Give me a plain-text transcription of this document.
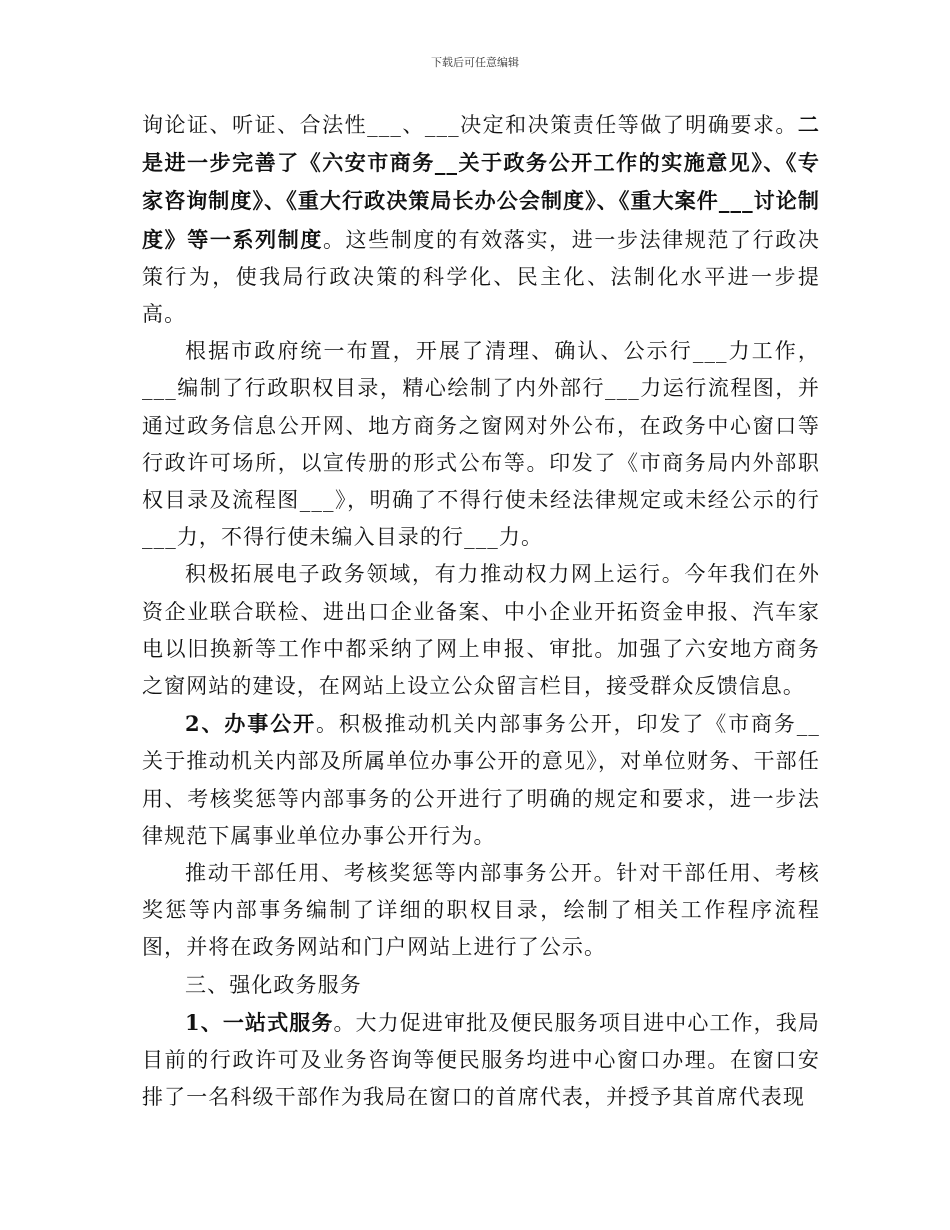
下载后可任意编辑

询论证、听证、合法性___、___决定和决策责任等做了明确要求。二是进一步完善了《六安市商务__关于政务公开工作的实施意见》、《专家咨询制度》、《重大行政决策局长办公会制度》、《重大案件___讨论制度》等一系列制度。这些制度的有效落实，进一步法律规范了行政决策行为，使我局行政决策的科学化、民主化、法制化水平进一步提高。

根据市政府统一布置，开展了清理、确认、公示行___力工作，___编制了行政职权目录，精心绘制了内外部行___力运行流程图，并通过政务信息公开网、地方商务之窗网对外公布，在政务中心窗口等行政许可场所，以宣传册的形式公布等。印发了《市商务局内外部职权目录及流程图___》，明确了不得行使未经法律规定或未经公示的行___力，不得行使未编入目录的行___力。

积极拓展电子政务领域，有力推动权力网上运行。今年我们在外资企业联合联检、进出口企业备案、中小企业开拓资金申报、汽车家电以旧换新等工作中都采纳了网上申报、审批。加强了六安地方商务之窗网站的建设，在网站上设立公众留言栏目，接受群众反馈信息。

2、办事公开。积极推动机关内部事务公开，印发了《市商务__关于推动机关内部及所属单位办事公开的意见》，对单位财务、干部任用、考核奖惩等内部事务的公开进行了明确的规定和要求，进一步法律规范下属事业单位办事公开行为。

推动干部任用、考核奖惩等内部事务公开。针对干部任用、考核奖惩等内部事务编制了详细的职权目录，绘制了相关工作程序流程图，并将在政务网站和门户网站上进行了公示。

三、强化政务服务

1、一站式服务。大力促进审批及便民服务项目进中心工作，我局目前的行政许可及业务咨询等便民服务均进中心窗口办理。在窗口安排了一名科级干部作为我局在窗口的首席代表，并授予其首席代表现
